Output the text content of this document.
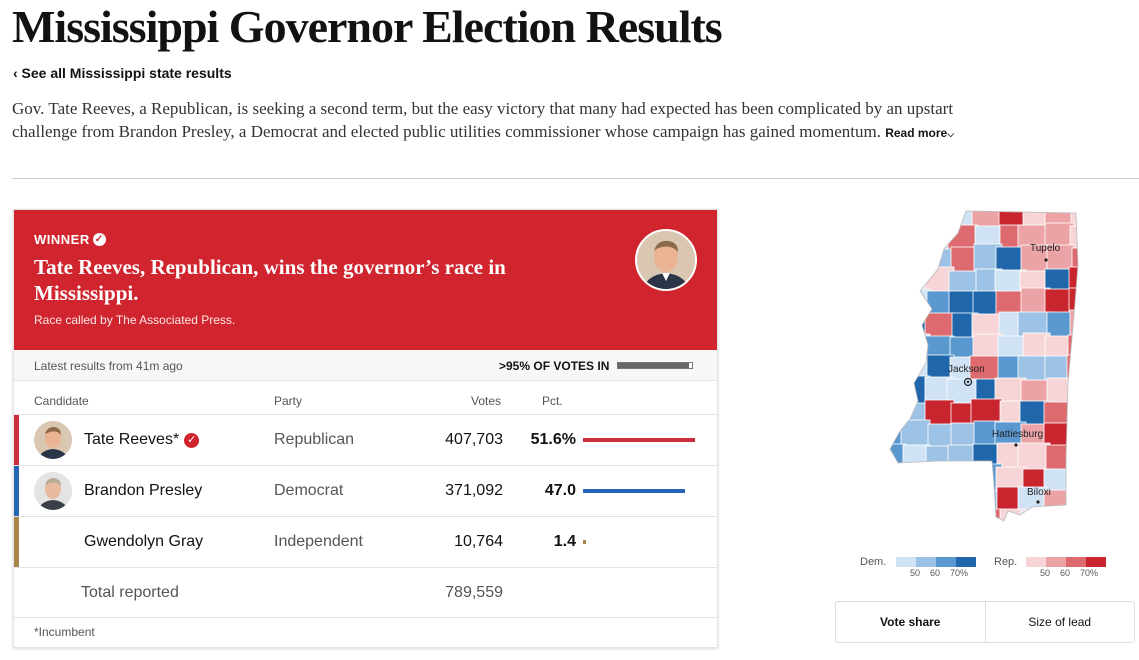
Mississippi Governor Election Results
‹ See all Mississippi state results

Gov. Tate Reeves, a Republican, is seeking a second term, but the easy victory that many had expected has been complicated by an upstart challenge from Brandon Presley, a Democrat and elected public utilities commissioner whose campaign has gained momentum. Read more⌵

WINNER ✓
Tate Reeves, Republican, wins the governor’s race in Mississippi.
Race called by The Associated Press.
Latest results from 41m ago	>95% OF VOTES IN
Candidate	Party	Votes	Pct.
Tate Reeves* ✓	Republican	407,703 51.6%
Brandon Presley	Democrat	371,092	47.0
Gwendolyn Gray	Independent	10,764	1.4
Total reported	789,559
*Incumbent
Tupelo
Jackson
Hattiesburg
Biloxi
Dem.
50 60 70%
Rep.
50 60 70%
Vote share	Size of lead
